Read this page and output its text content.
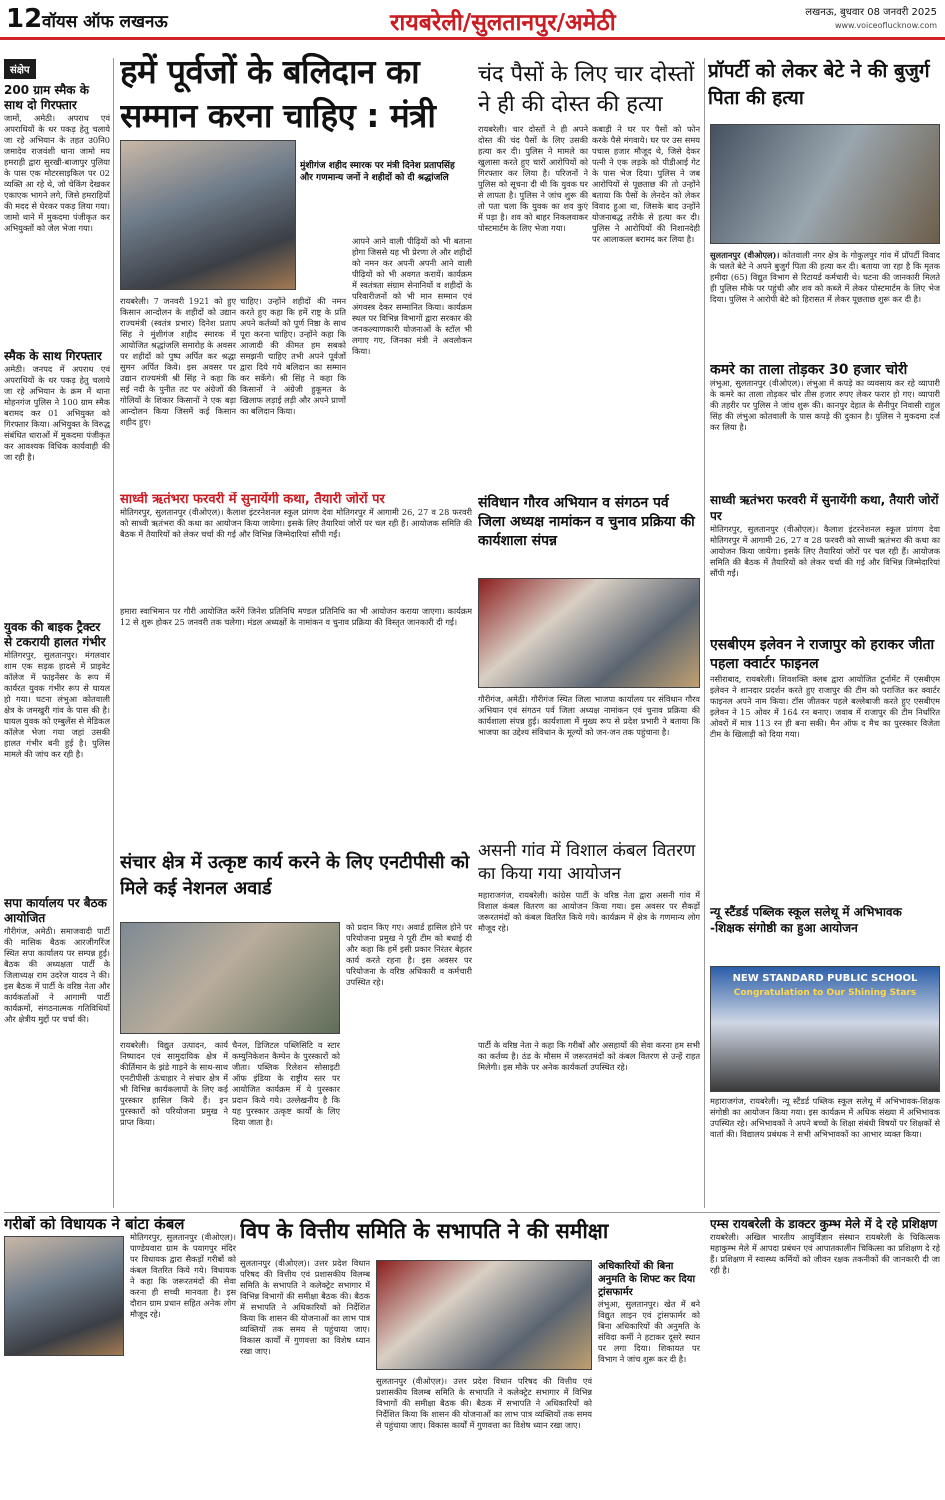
12 वॉयस ऑफ लखनऊ	रायबरेली/सुलतानपुर/अमेठी	लखनऊ, बुधवार 08 जनवरी 2025
www.voiceoflucknow.com
संक्षेप
200 ग्राम स्मैक के साथ दो गिरफ्तार
जामों, अमेठी। अपराध एवं अपराधियों के धर पकड़ हेतु चलाये जा रहे अभियान के तहत उ0नि0 जमादेव राजवंशी थाना जामो मय हमराही द्वारा सुरखी-बाजापुर पुलिया के पास एक मोटरसाइकिल पर 02 व्यक्ति आ रहे थे, जो चेकिंग देखकर एकाएक भागने लगे, जिसे हमराहियों की मदद से घेरकर पकड़ लिया गया। जामो थाने में मुकदमा पंजीकृत कर अभियुक्तों को जेल भेजा गया।
स्मैक के साथ गिरफ्तार
अमेठी। जनपद में अपराध एवं अपराधियों के धर पकड़ हेतु चलाये जा रहे अभियान के क्रम में थाना मोहनगंज पुलिस ने 100 ग्राम स्मैक बरामद कर 01 अभियुक्त को गिरफ्तार किया। अभियुक्त के विरुद्ध संबंधित धाराओं में मुकदमा पंजीकृत कर आवश्यक विधिक कार्यवाही की जा रही है।
युवक की बाइक ट्रैक्टर से टकरायी हालत गंभीर
मोतिगरपुर, सुलतानपुर। मंगलवार शाम एक सड़क हादसे में प्राइवेट कॉलेज में फाइनेंसर के रूप में कार्यरत युवक गंभीर रूप से घायल हो गया। घटना लंभुआ कोतवाली क्षेत्र के जमखुरी गांव के पास की है। घायल युवक को एम्बुलेंस से मेडिकल कॉलेज भेजा गया जहां उसकी हालत गंभीर बनी हुई है। पुलिस मामले की जांच कर रही है।
सपा कार्यालय पर बैठक आयोजित
गौरीगंज, अमेठी। समाजवादी पार्टी की मासिक बैठक आरजीगरिंज स्थित सपा कार्यालय पर सम्पन्न हुई। बैठक की अध्यक्षता पार्टी के जिलाध्यक्ष राम उदरेज यादव ने की। इस बैठक में पार्टी के वरिष्ठ नेता और कार्यकर्ताओं ने आगामी पार्टी कार्यक्रमों, संगठनात्मक गतिविधियों और क्षेत्रीय मुद्दों पर चर्चा की।
हमें पूर्वजों के बलिदान का सम्मान करना चाहिए : मंत्री
मुंशीगंज शहीद स्मारक पर मंत्री दिनेश प्रतापसिंह और गणमान्य जनों ने शहीदों को दी श्रद्धांजलि
रायबरेली। 7 जनवरी 1921 को हुए किसान आन्दोलन के शहीदों को उद्यान राज्यमंत्री (स्वतंत्र प्रभार) दिनेश प्रताप सिंह ने मुंशीगंज शहीद स्मारक में आयोजित श्रद्धांजलि समारोह के अवसर पर शहीदों को पुष्प अर्पित कर श्रद्धा सुमन अर्पित किये। इस अवसर पर उद्यान राज्यमंत्री श्री सिंह ने कहा कि सई नदी के पुनीत तट पर अंग्रेजों की गोलियों के शिकार किसानों ने एक बड़ा आन्दोलन किया जिसमें कई किसान शहीद हुए।
चाहिए। उन्होंने शहीदों की नमन करते हुए कहा कि हमें राष्ट्र के प्रति अपने कर्तव्यों को पूर्ण निष्ठा के साथ पूरा करना चाहिए। उन्होंने कहा कि आजादी की कीमत हम सबको समझनी चाहिए तभी अपने पूर्वजों द्वारा दिये गये बलिदान का सम्मान कर सकेंगे। श्री सिंह ने कहा कि किसानों ने अंग्रेजी हुकूमत के खिलाफ लड़ाई लड़ी और अपने प्राणों का बलिदान किया।
आपने आने वाली पीढ़ियों को भी बताना होगा जिससे यह भी प्रेरणा ले और शहीदों को नमन कर अपनी अपनी आने वाली पीढ़ियों को भी अवगत करायें। कार्यक्रम में स्वतंत्रता संग्राम सेनानियों व शहीदों के परिवारीजनों को भी मान सम्मान एवं अंगवस्त्र देकर सम्मानित किया। कार्यक्रम स्थल पर विभिन्न विभागों द्वारा सरकार की जनकल्याणकारी योजनाओं के स्टॉल भी लगाए गए, जिनका मंत्री ने अवलोकन किया।
चंद पैसों के लिए चार दोस्तों ने ही की दोस्त की हत्या
रायबरेली। चार दोस्तों ने ही अपने दोस्त की चंद पैसों के लिए उसकी हत्या कर दी। पुलिस ने मामले का खुलासा करते हुए चारों आरोपियों को गिरफ्तार कर लिया है। परिजनों ने पुलिस को सूचना दी थी कि युवक घर से लापता है। पुलिस ने जांच शुरू की तो पता चला कि युवक का शव कुएं में पड़ा है। शव को बाहर निकलवाकर पोस्टमार्टम के लिए भेजा गया।
कबाड़ी ने घर पर पैसों को फोन करके पैसे मंगवाये। घर पर उस समय पचास हजार मौजूद थे, जिसे देकर पत्नी ने एक लड़के को पीडीआई गेट के पास भेज दिया। पुलिस ने जब आरोपियों से पूछताछ की तो उन्होंने बताया कि पैसों के लेनदेन को लेकर विवाद हुआ था, जिसके बाद उन्होंने योजनाबद्ध तरीके से हत्या कर दी। पुलिस ने आरोपियों की निशानदेही पर आलाकत्ल बरामद कर लिया है।
प्रॉपर्टी को लेकर बेटे ने की बुजुर्ग पिता की हत्या
सुलतानपुर (वीओएल)। कोतवाली नगर क्षेत्र के गोकुलपुर गांव में प्रॉपर्टी विवाद के चलते बेटे ने अपने बुजुर्ग पिता की हत्या कर दी। बताया जा रहा है कि मृतक हमीदा (65) विद्युत विभाग से रिटायर्ड कर्मचारी थे। घटना की जानकारी मिलते ही पुलिस मौके पर पहुंची और शव को कब्जे में लेकर पोस्टमार्टम के लिए भेज दिया। पुलिस ने आरोपी बेटे को हिरासत में लेकर पूछताछ शुरू कर दी है।
कमरे का ताला तोड़कर 30 हजार चोरी
लंभुआ, सुलतानपुर (वीओएल)। लंभुआ में कपड़े का व्यवसाय कर रहे व्यापारी के कमरे का ताला तोड़कर चोर तीस हजार रुपए लेकर फरार हो गए। व्यापारी की तहरीर पर पुलिस ने जांच शुरू की। कानपुर देहात के सैनीपुर निवासी राहुल सिंह की लंभुआ कोतवाली के पास कपड़े की दुकान है। पुलिस ने मुकदमा दर्ज कर लिया है।
साध्वी ऋतंभरा फरवरी में सुनायेंगी कथा, तैयारी जोरों पर
मोतिगरपुर, सुलतानपुर (वीओएल)। कैलाश इंटरनेशनल स्कूल प्रांगण देवा मोतिगरपुर में आगामी 26, 27 व 28 फरवरी को साध्वी ऋतंभरा की कथा का आयोजन किया जायेगा। इसके लिए तैयारियां जोरों पर चल रही हैं। आयोजक समिति की बैठक में तैयारियों को लेकर चर्चा की गई और विभिन्न जिम्मेदारियां सौंपी गईं।
संविधान गौरव अभियान व संगठन पर्व जिला अध्यक्ष नामांकन व चुनाव प्रक्रिया की कार्यशाला संपन्न
गौरीगंज, अमेठी। गौरीगंज स्थित जिला भाजपा कार्यालय पर संविधान गौरव अभियान एवं संगठन पर्व जिला अध्यक्ष नामांकन एवं चुनाव प्रक्रिया की कार्यशाला संपन्न हुई। कार्यशाला में मुख्य रूप से प्रदेश प्रभारी ने बताया कि भाजपा का उद्देश्य संविधान के मूल्यों को जन-जन तक पहुंचाना है।
हमारा स्वाभिमान पर गौरी आयोजित करेंगे जिनेश प्रतिनिधि मण्डल प्रतिनिधि का भी आयोजन कराया जाएगा। कार्यक्रम 12 से शुरू होकर 25 जनवरी तक चलेगा। मंडल अध्यक्षों के नामांकन व चुनाव प्रक्रिया की विस्तृत जानकारी दी गई।
साध्वी ऋतंभरा फरवरी में सुनायेंगी कथा, तैयारी जोरों पर
मोतिगरपुर, सुलतानपुर (वीओएल)। कैलाश इंटरनेशनल स्कूल प्रांगण देवा मोतिगरपुर में आगामी 26, 27 व 28 फरवरी को साध्वी ऋतंभरा की कथा का आयोजन किया जायेगा। इसके लिए तैयारियां जोरों पर चल रही हैं। आयोजक समिति की बैठक में तैयारियों को लेकर चर्चा की गई और विभिन्न जिम्मेदारियां सौंपी गईं।
एसबीएम इलेवन ने राजापुर को हराकर जीता पहला क्वार्टर फाइनल
नसीराबाद, रायबरेली। शिवशक्ति क्लब द्वारा आयोजित टूर्नामेंट में एसबीएम इलेवन ने शानदार प्रदर्शन करते हुए राजापुर की टीम को पराजित कर क्वार्टर फाइनल अपने नाम किया। टॉस जीतकर पहले बल्लेबाजी करते हुए एसबीएम इलेवन ने 15 ओवर में 164 रन बनाए। जवाब में राजापुर की टीम निर्धारित ओवरों में मात्र 113 रन ही बना सकी। मैन ऑफ द मैच का पुरस्कार विजेता टीम के खिलाड़ी को दिया गया।
न्यू स्टैंडर्ड पब्लिक स्कूल सलेथू में अभिभावक -शिक्षक संगोष्ठी का हुआ आयोजन
NEW STANDARD PUBLIC SCHOOL
Congratulation to Our Shining Stars
महाराजगंज, रायबरेली। न्यू स्टैंडर्ड पब्लिक स्कूल सलेथू में अभिभावक-शिक्षक संगोष्ठी का आयोजन किया गया। इस कार्यक्रम में अधिक संख्या में अभिभावक उपस्थित रहे। अभिभावकों ने अपने बच्चों के शिक्षा संबंधी विषयों पर शिक्षकों से वार्ता की। विद्यालय प्रबंधक ने सभी अभिभावकों का आभार व्यक्त किया।
असनी गांव में विशाल कंबल वितरण का किया गया आयोजन
महाराजगंज, रायबरेली। कांग्रेस पार्टी के वरिष्ठ नेता द्वारा असनी गांव में विशाल कंबल वितरण का आयोजन किया गया। इस अवसर पर सैकड़ों जरूरतमंदों को कंबल वितरित किये गये। कार्यक्रम में क्षेत्र के गणमान्य लोग मौजूद रहे।
पार्टी के वरिष्ठ नेता ने कहा कि गरीबों और असहायों की सेवा करना हम सभी का कर्तव्य है। ठंड के मौसम में जरूरतमंदों को कंबल वितरण से उन्हें राहत मिलेगी। इस मौके पर अनेक कार्यकर्ता उपस्थित रहे।
संचार क्षेत्र में उत्कृष्ट कार्य करने के लिए एनटीपीसी को मिले कई नेशनल अवार्ड
को प्रदान किए गए। अवार्ड हासिल होने पर परियोजना प्रमुख ने पूरी टीम को बधाई दी और कहा कि हमें इसी प्रकार निरंतर बेहतर कार्य करते रहना है। इस अवसर पर परियोजना के वरिष्ठ अधिकारी व कर्मचारी उपस्थित रहे।
रायबरेली। विद्युत उत्पादन, कार्य निष्पादन एवं सामुदायिक क्षेत्र में कीर्तिमान के झंडे गाड़ने के साथ-साथ एनटीपीसी ऊंचाहार ने संचार क्षेत्र में भी विभिन्न कार्यकलापों के लिए कई पुरस्कार हासिल किये हैं। इन पुरस्कारों को परियोजना प्रमुख ने प्राप्त किया।
चैनल, डिजिटल पब्लिसिटि व स्टार कम्युनिकेशन कैम्पेन के पुरस्कारों को जीता। पब्लिक रिलेशन सोसाइटी ऑफ इंडिया के राष्ट्रीय स्तर पर आयोजित कार्यक्रम में ये पुरस्कार प्रदान किये गये। उल्लेखनीय है कि यह पुरस्कार उत्कृष्ट कार्यों के लिए दिया जाता है।
गरीबों को विधायक ने बांटा कंबल
मोतिगरपुर, सुलतानपुर (वीओएल)। पाण्डेयवारा ग्राम के पयागपुर मंदिर पर विधायक द्वारा सैकड़ों गरीबों को कंबल वितरित किये गये। विधायक ने कहा कि जरूरतमंदों की सेवा करना ही सच्ची मानवता है। इस दौरान ग्राम प्रधान सहित अनेक लोग मौजूद रहे।
विप के वित्तीय समिति के सभापति ने की समीक्षा
सुलतानपुर (वीओएल)। उत्तर प्रदेश विधान परिषद की वित्तीय एवं प्रशासकीय विलम्ब समिति के सभापति ने कलेक्ट्रेट सभागार में विभिन्न विभागों की समीक्षा बैठक की। बैठक में सभापति ने अधिकारियों को निर्देशित किया कि शासन की योजनाओं का लाभ पात्र व्यक्तियों तक समय से पहुंचाया जाए। विकास कार्यों में गुणवत्ता का विशेष ध्यान रखा जाए।
सुलतानपुर (वीओएल)। उत्तर प्रदेश विधान परिषद की वित्तीय एवं प्रशासकीय विलम्ब समिति के सभापति ने कलेक्ट्रेट सभागार में विभिन्न विभागों की समीक्षा बैठक की। बैठक में सभापति ने अधिकारियों को निर्देशित किया कि शासन की योजनाओं का लाभ पात्र व्यक्तियों तक समय से पहुंचाया जाए। विकास कार्यों में गुणवत्ता का विशेष ध्यान रखा जाए।
अधिकारियों की बिना अनुमति के शिफ्ट कर दिया ट्रांसफार्मर
लंभुआ, सुलतानपुर। खेत में बने विद्युत लाइन एवं ट्रांसफार्मर को बिना अधिकारियों की अनुमति के संविदा कर्मी ने हटाकर दूसरे स्थान पर लगा दिया। शिकायत पर विभाग ने जांच शुरू कर दी है।
एम्स रायबरेली के डाक्टर कुम्भ मेले में दे रहे प्रशिक्षण
रायबरेली। अखिल भारतीय आयुर्विज्ञान संस्थान रायबरेली के चिकित्सक महाकुम्भ मेले में आपदा प्रबंधन एवं आपातकालीन चिकित्सा का प्रशिक्षण दे रहे हैं। प्रशिक्षण में स्वास्थ्य कर्मियों को जीवन रक्षक तकनीकों की जानकारी दी जा रही है।
